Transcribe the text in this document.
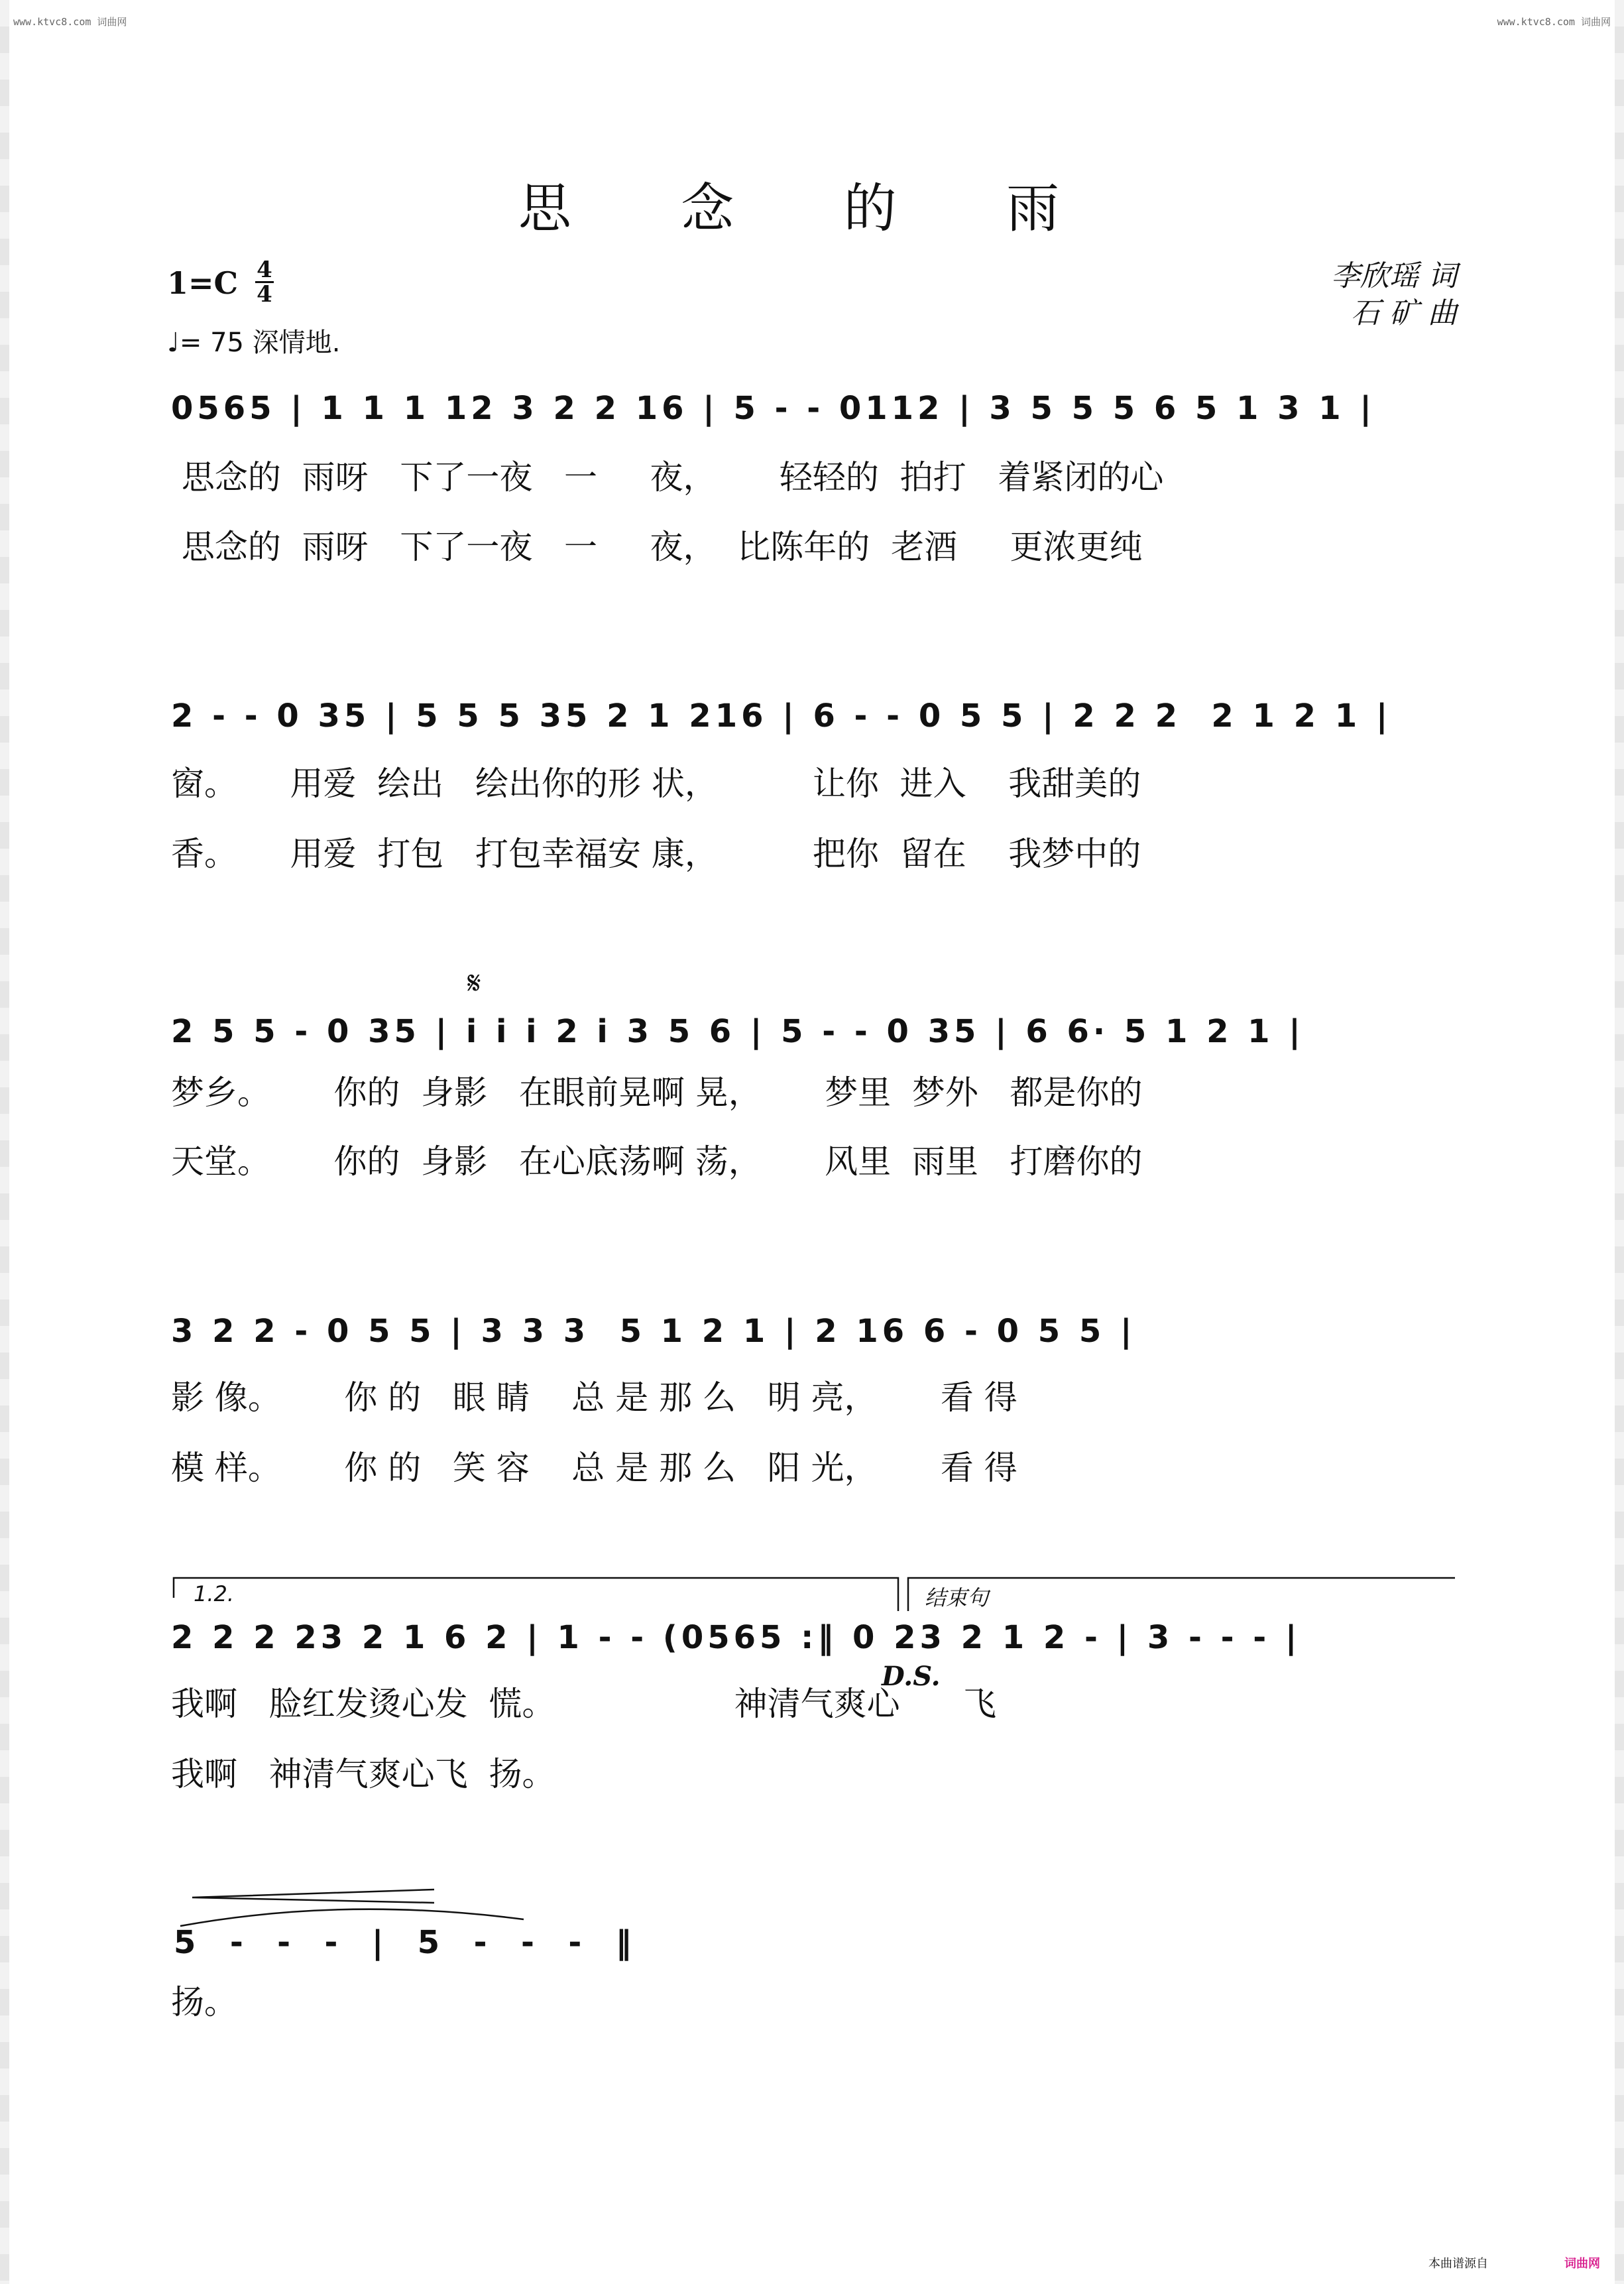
www.ktvc8.com 词曲网	www.ktvc8.com 词曲网
思 念 的 雨
1=C 4
4
♩= 75 深情地.
李欣瑶 词
石 矿 曲
0565 | 1 1 1 12 3 2 2 16 | 5 - - 0112 | 3 5 5 5 6 5 1 3 1 |
思念的  雨呀   下了一夜   一     夜，      轻轻的  拍打   着紧闭的心
思念的  雨呀   下了一夜   一     夜，  比陈年的  老酒     更浓更纯
2 - - 0 35 | 5 5 5 35 2 1 216 | 6 - - 0 5 5 | 2 2 2  2 1 2 1 |
窗。     用爱  绘出   绘出你的形 状，         让你  进入    我甜美的
香。     用爱  打包   打包幸福安 康，         把你  留在    我梦中的
𝄋
2 5 5 - 0 35 | i i i 2 i 3 5 6 | 5 - - 0 35 | 6 6· 5 1 2 1 |
梦乡。      你的  身影   在眼前晃啊 晃，      梦里  梦外   都是你的
天堂。      你的  身影   在心底荡啊 荡，      风里  雨里   打磨你的
3 2 2 - 0 5 5 | 3 3 3  5 1 2 1 | 2 16 6 - 0 5 5 |
影 像。      你 的   眼 睛    总 是 那 么   明 亮，      看 得
模 样。      你 的   笑 容    总 是 那 么   阳 光，      看 得
1.2.	结束句
2 2 2 23 2 1 6 2 | 1 - - (0565 :‖ 0 23 2 1 2 - | 3 - - - |
D.S.
我啊   脸红发烫心发  慌。                 神清气爽心      飞
我啊   神清气爽心飞  扬。
5  -  -  -  |  5  -  -  -  ‖
扬。
本曲谱源自	词曲网
